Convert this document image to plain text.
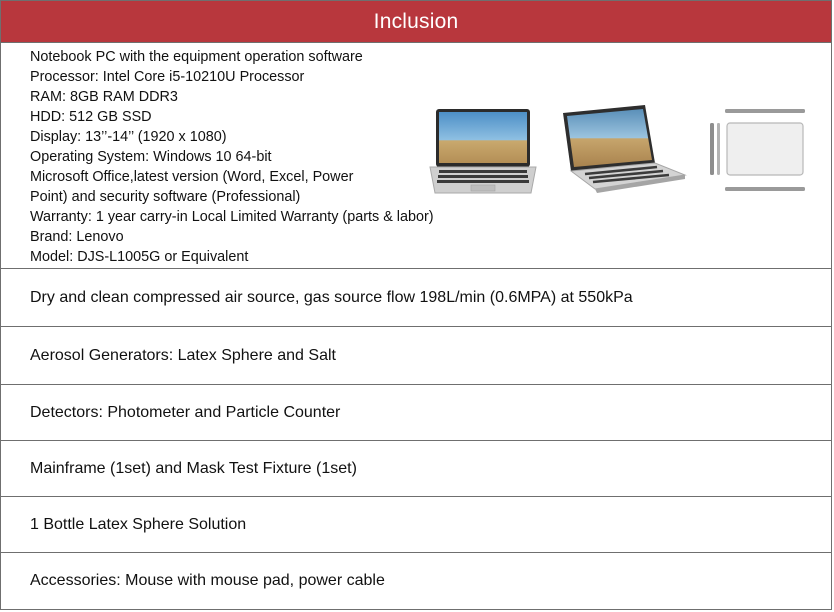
Inclusion
Notebook PC with the equipment operation software
Processor: Intel Core i5-10210U Processor
RAM: 8GB RAM DDR3
HDD: 512 GB SSD
Display: 13’’-14’’ (1920 x 1080)
Operating System: Windows 10 64-bit
Microsoft Office,latest version (Word, Excel, Power
Point) and security software (Professional)
Warranty: 1 year carry-in Local Limited Warranty (parts & labor)
Brand: Lenovo
Model: DJS-L1005G or Equivalent
Dry and clean compressed air source, gas source flow 198L/min (0.6MPA) at 550kPa
Aerosol Generators: Latex Sphere and Salt
Detectors: Photometer and Particle Counter
Mainframe (1set) and Mask Test Fixture (1set)
1 Bottle Latex Sphere Solution
Accessories: Mouse with mouse pad, power cable
